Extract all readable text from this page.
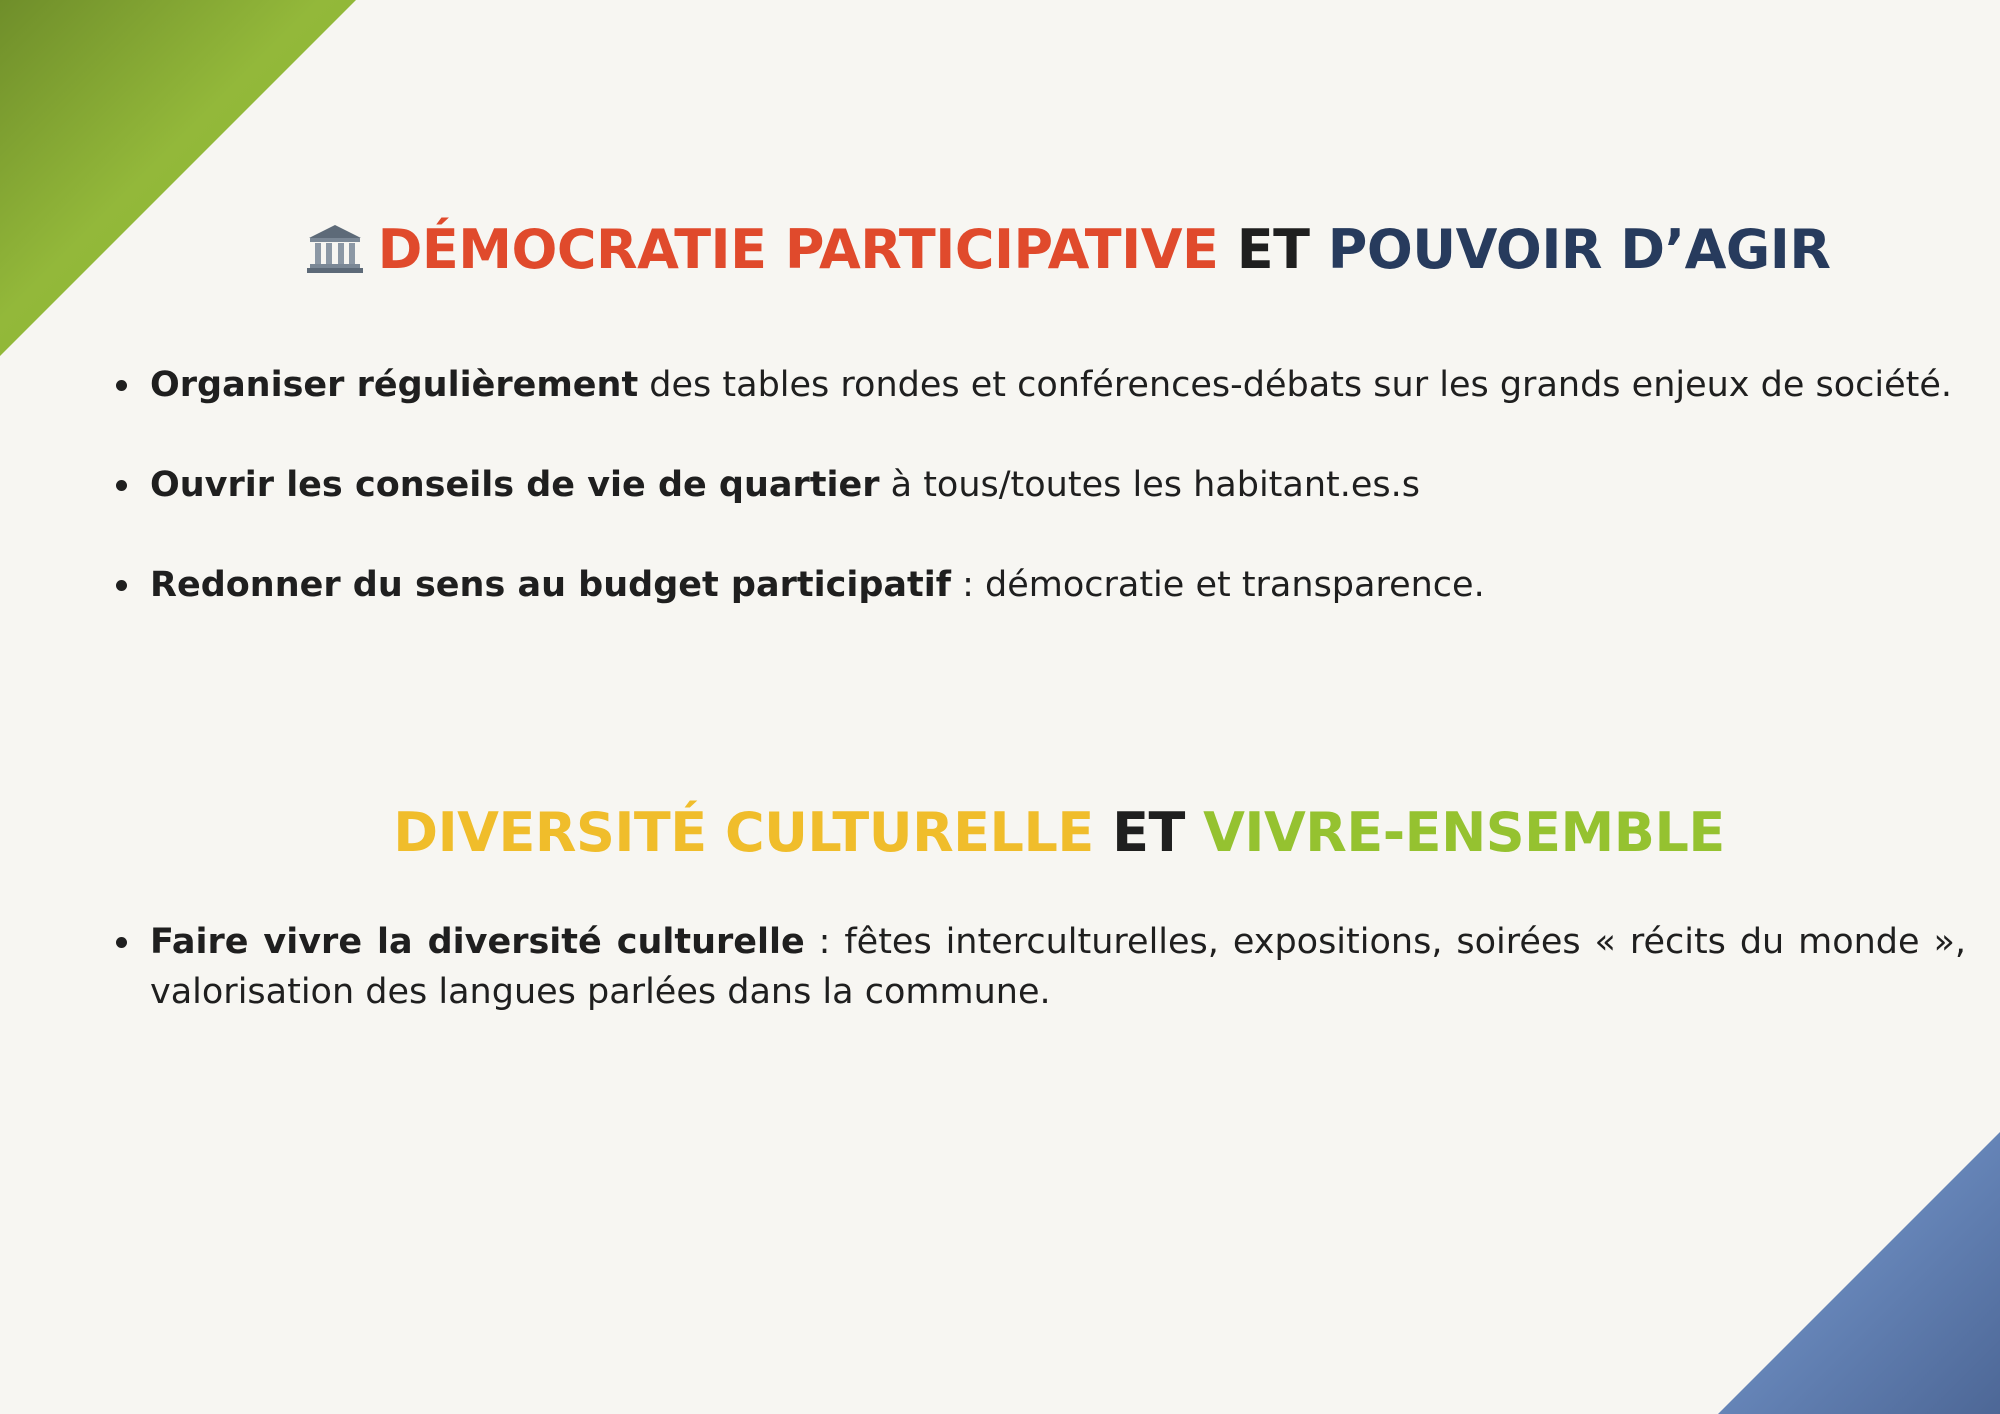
DÉMOCRATIE PARTICIPATIVE ET POUVOIR D’AGIR
Organiser régulièrement des tables rondes et conférences-débats sur les grands enjeux de société.
Ouvrir les conseils de vie de quartier à tous/toutes les habitant.es.s
Redonner du sens au budget participatif : démocratie et transparence.
DIVERSITÉ CULTURELLE ET VIVRE-ENSEMBLE
Faire vivre la diversité culturelle : fêtes interculturelles, expositions, soirées « récits du monde », valorisation des langues parlées dans la commune.
